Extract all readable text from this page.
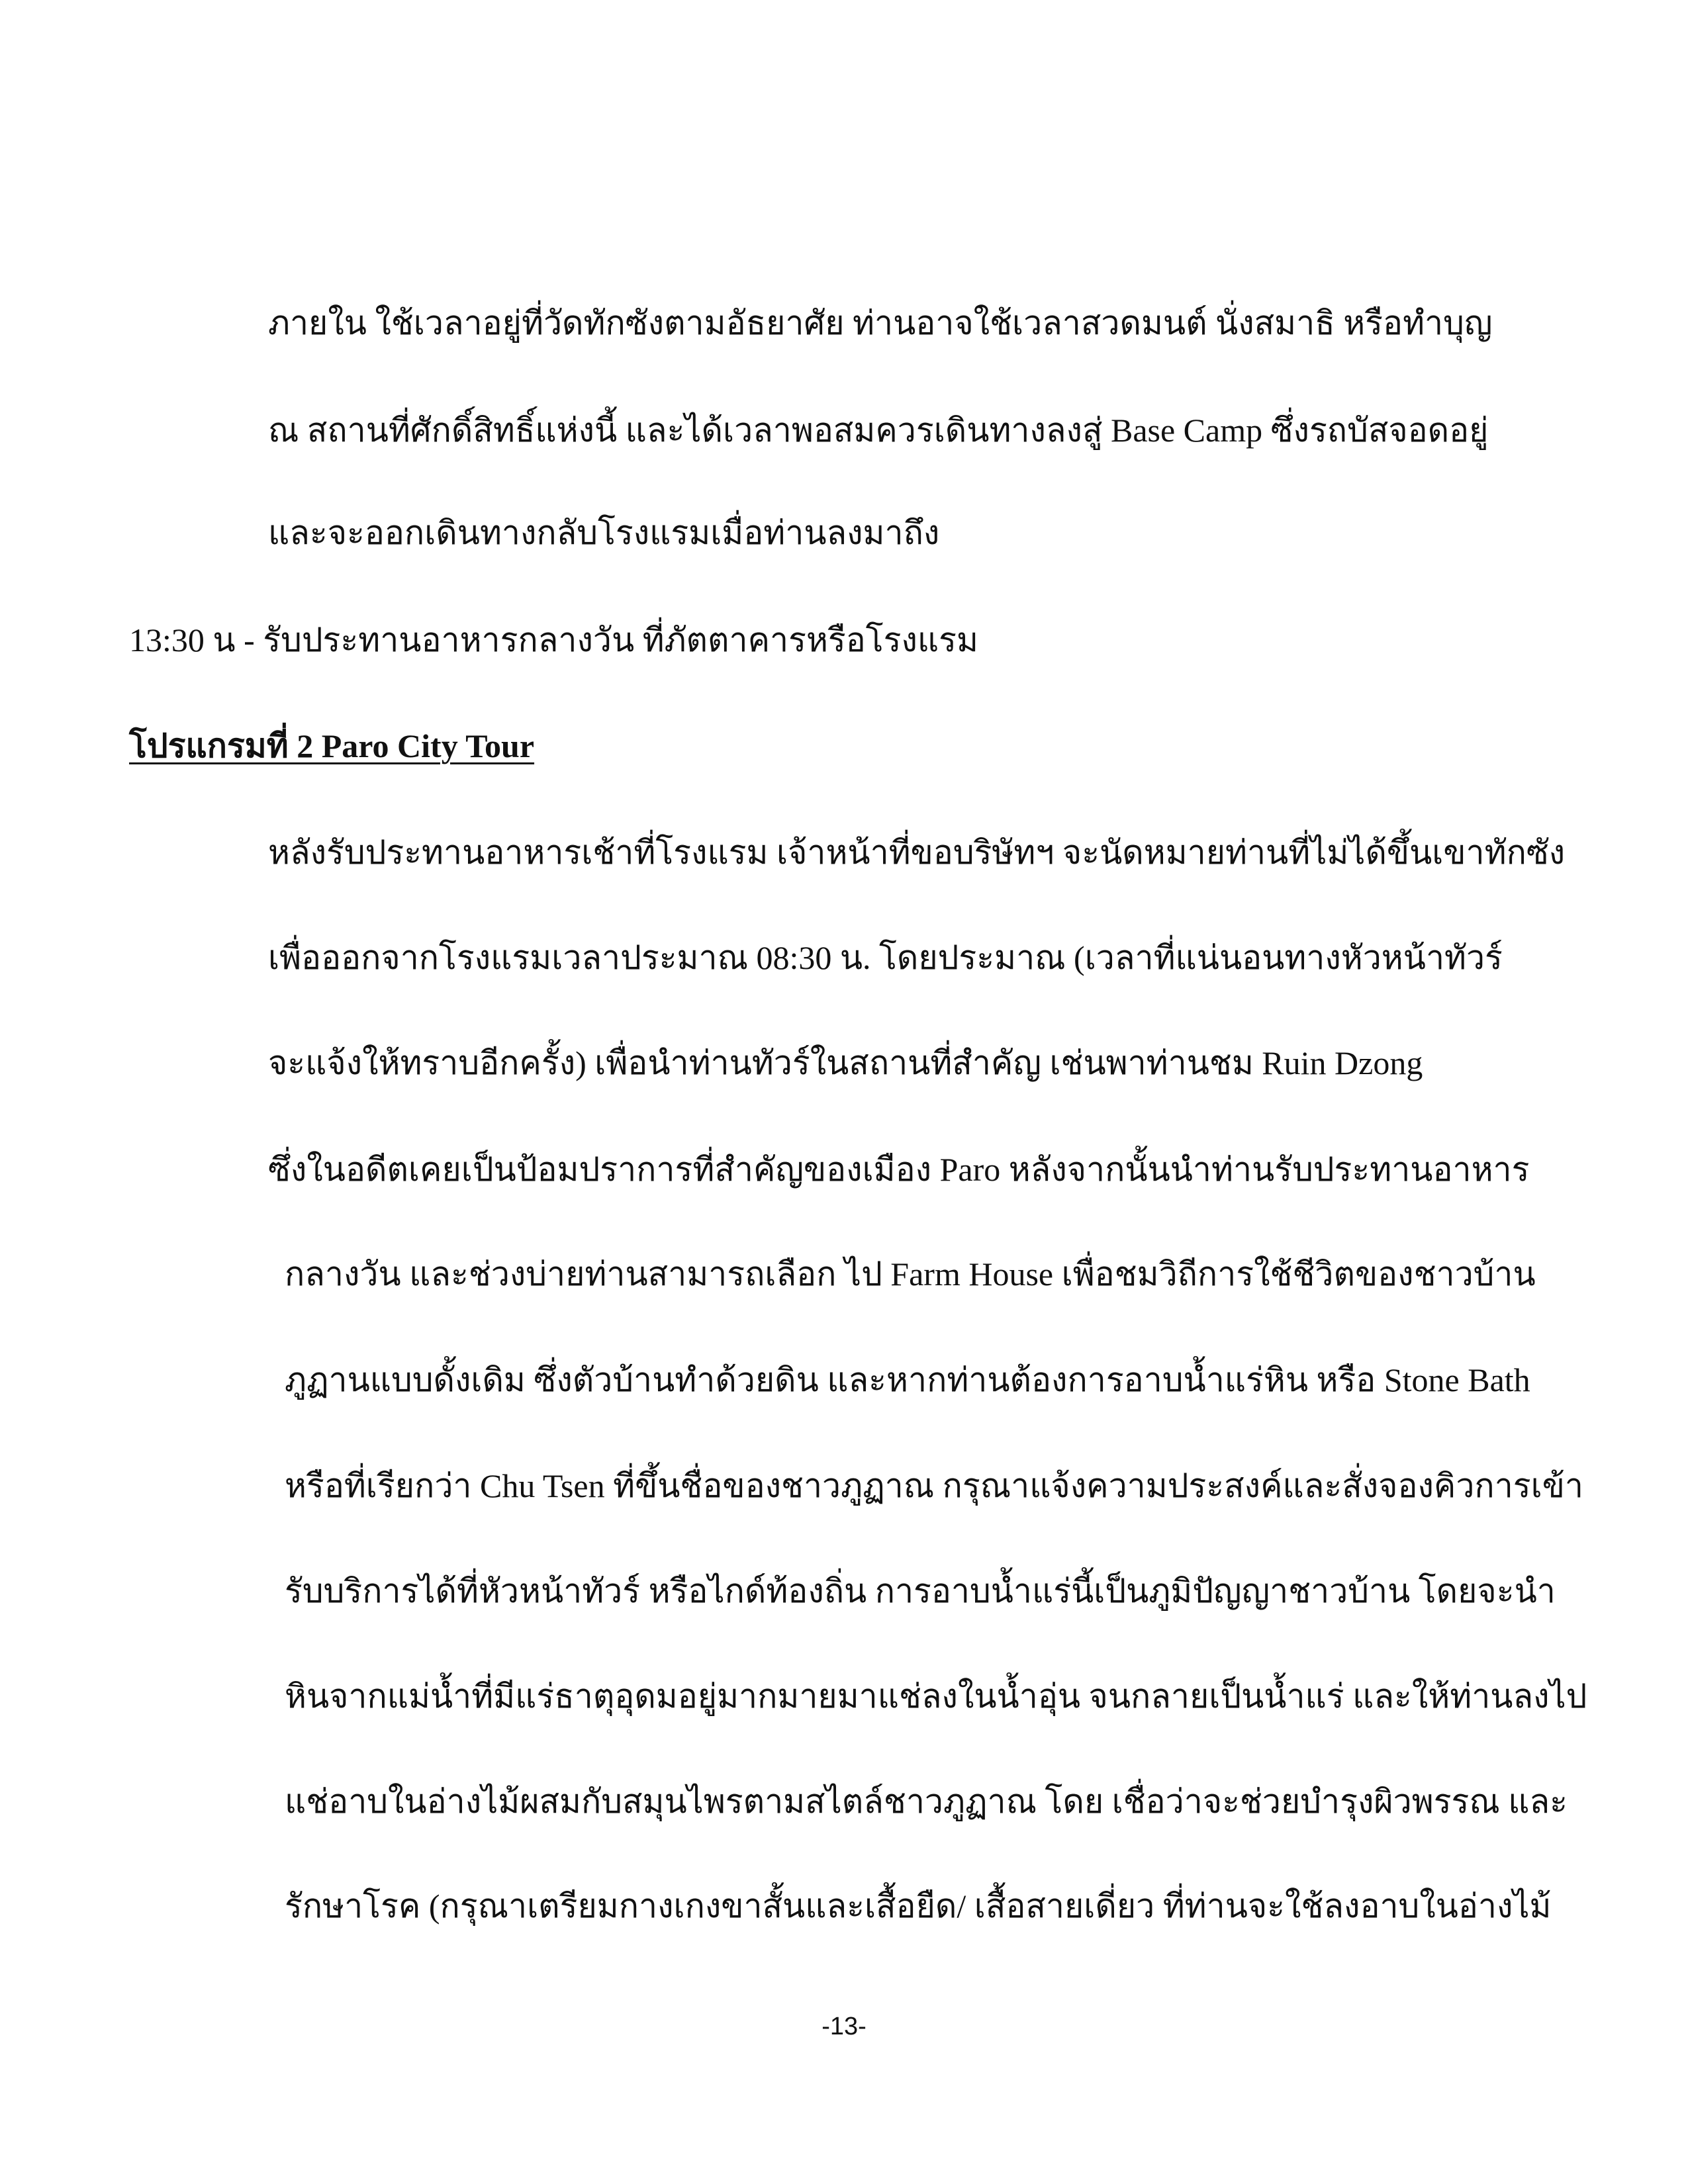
ภายใน ใช้เวลาอยู่ที่วัดทักซังตามอัธยาศัย ท่านอาจใช้เวลาสวดมนต์ นั่งสมาธิ หรือทำบุญ
ณ สถานที่ศักดิ์สิทธิ์แห่งนี้ และได้เวลาพอสมควรเดินทางลงสู่ Base Camp ซึ่งรถบัสจอดอยู่
และจะออกเดินทางกลับโรงแรมเมื่อท่านลงมาถึง
13:30 น - รับประทานอาหารกลางวัน ที่ภัตตาคารหรือโรงแรม
โปรแกรมที่ 2 Paro City Tour
หลังรับประทานอาหารเช้าที่โรงแรม เจ้าหน้าที่ขอบริษัทฯ จะนัดหมายท่านที่ไม่ได้ขึ้นเขาทักซัง
เพื่อออกจากโรงแรมเวลาประมาณ 08:30 น. โดยประมาณ (เวลาที่แน่นอนทางหัวหน้าทัวร์
จะแจ้งให้ทราบอีกครั้ง) เพื่อนำท่านทัวร์ในสถานที่สำคัญ เช่นพาท่านชม Ruin Dzong
ซึ่งในอดีตเคยเป็นป้อมปราการที่สำคัญของเมือง Paro หลังจากนั้นนำท่านรับประทานอาหาร
กลางวัน และช่วงบ่ายท่านสามารถเลือก ไป Farm House เพื่อชมวิถีการใช้ชีวิตของชาวบ้าน
ภูฏานแบบดั้งเดิม ซึ่งตัวบ้านทำด้วยดิน และหากท่านต้องการอาบน้ำแร่หิน หรือ Stone Bath
หรือที่เรียกว่า Chu Tsen ที่ขึ้นชื่อของชาวภูฏาณ กรุณาแจ้งความประสงค์และสั่งจองคิวการเข้า
รับบริการได้ที่หัวหน้าทัวร์ หรือไกด์ท้องถิ่น การอาบน้ำแร่นี้เป็นภูมิปัญญาชาวบ้าน โดยจะนำ
หินจากแม่น้ำที่มีแร่ธาตุอุดมอยู่มากมายมาแช่ลงในน้ำอุ่น จนกลายเป็นน้ำแร่ และให้ท่านลงไป
แช่อาบในอ่างไม้ผสมกับสมุนไพรตามสไตล์ชาวภูฏาณ โดย เชื่อว่าจะช่วยบำรุงผิวพรรณ และ
รักษาโรค (กรุณาเตรียมกางเกงขาสั้นและเสื้อยืด/ เสื้อสายเดี่ยว ที่ท่านจะใช้ลงอาบในอ่างไม้
-13-
